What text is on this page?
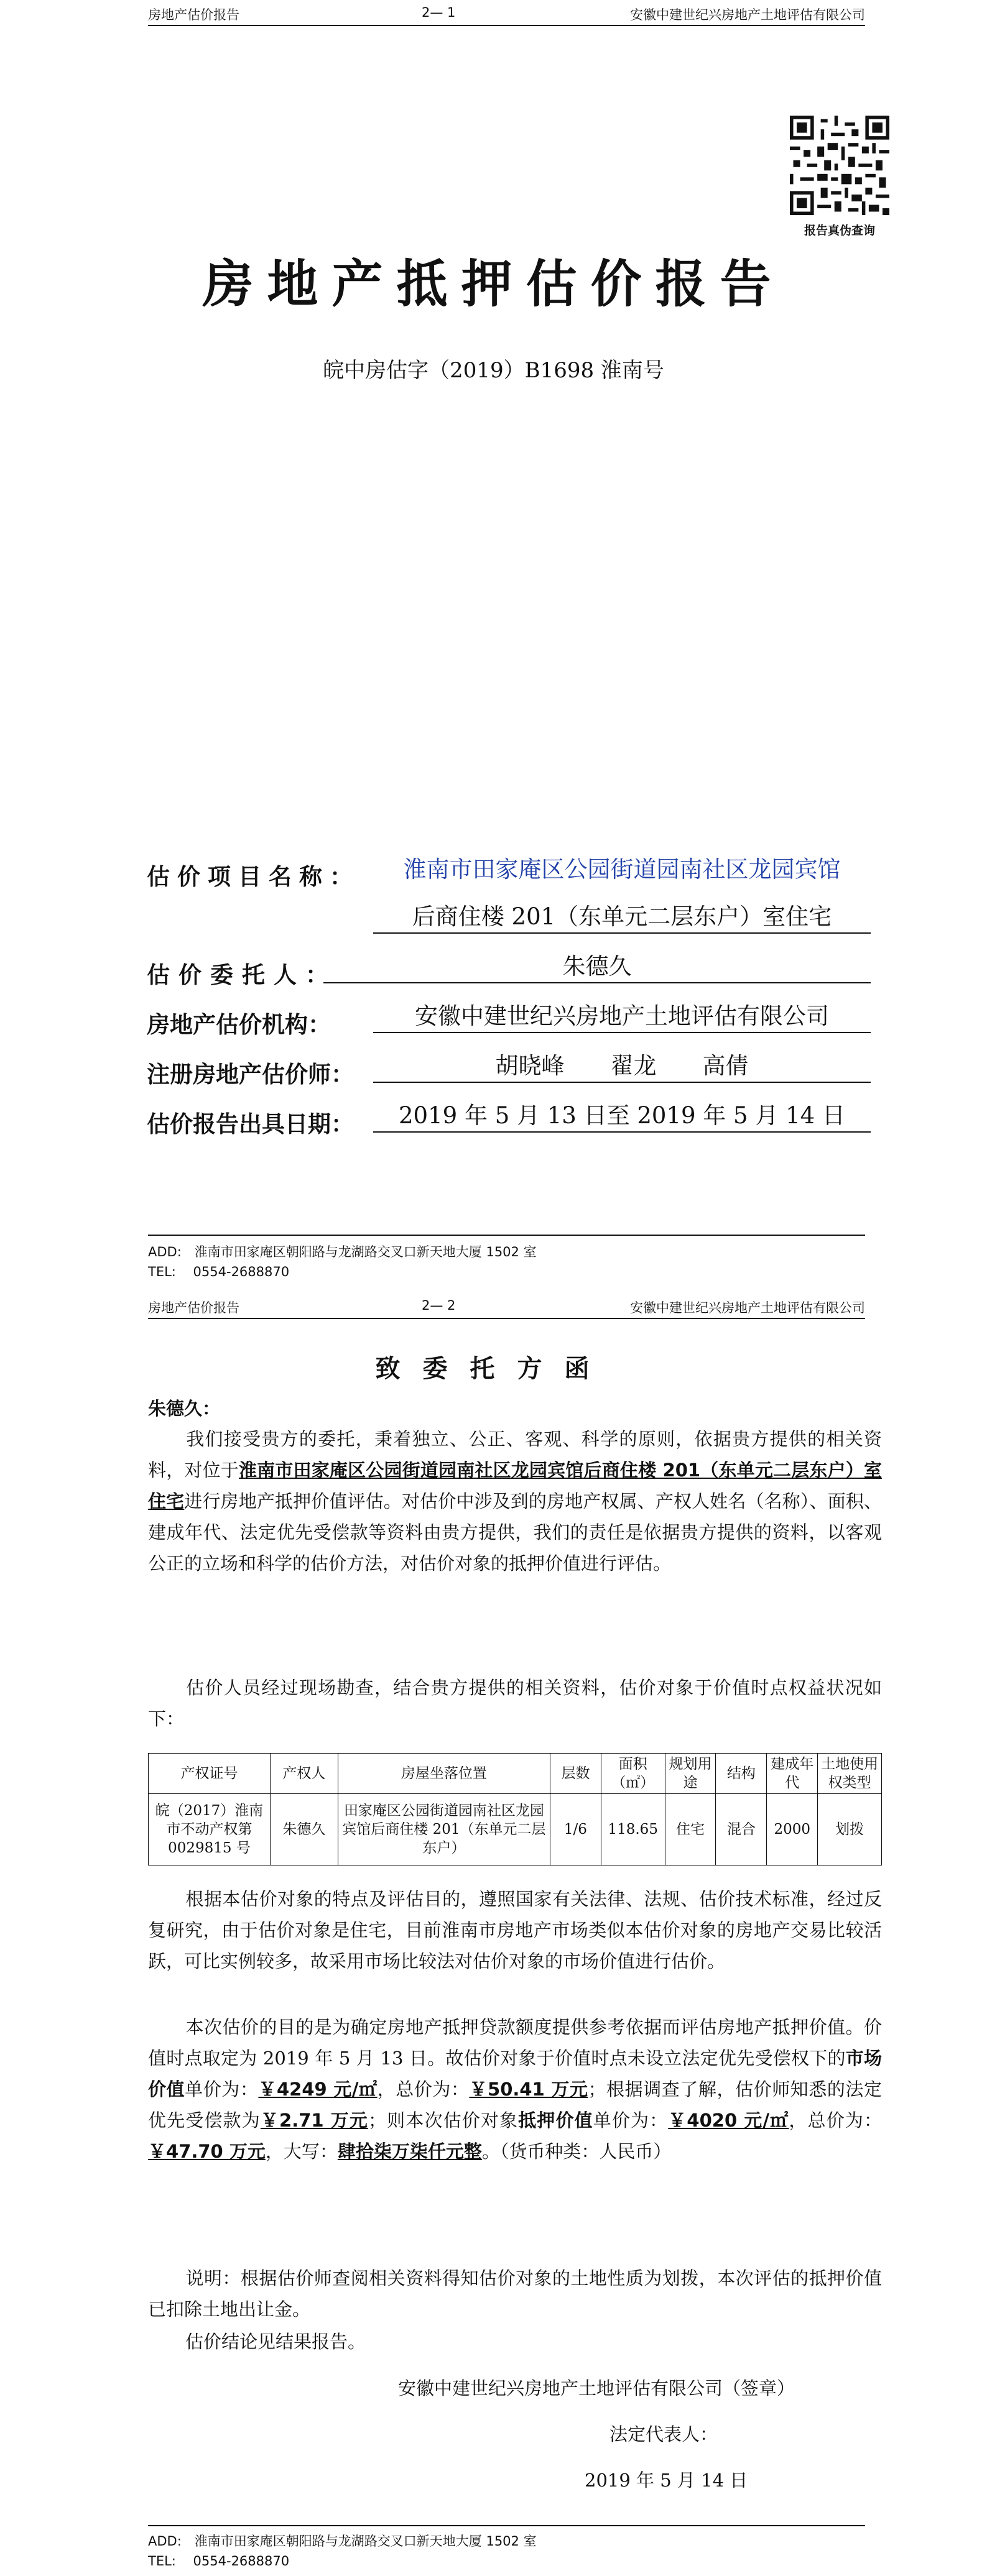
房地产估价报告	2— 1	安徽中建世纪兴房地产土地评估有限公司
报告真伪查询
房地产抵押估价报告
皖中房估字（2019）B1698 淮南号
估价项目名称：	淮南市田家庵区公园街道园南社区龙园宾馆
后商住楼 201（东单元二层东户）室住宅
估价委托人：	朱德久
房地产估价机构：	安徽中建世纪兴房地产土地评估有限公司
注册房地产估价师：	胡晓峰　　翟龙　　高倩
估价报告出具日期：	2019 年 5 月 13 日至 2019 年 5 月 14 日
ADD:　淮南市田家庵区朝阳路与龙湖路交叉口新天地大厦 1502 室
TEL:　 0554-2688870
房地产估价报告	2— 2	安徽中建世纪兴房地产土地评估有限公司
致委托方函
朱德久：
我们接受贵方的委托，秉着独立、公正、客观、科学的原则，依据贵方提供的相关资料，对位于淮南市田家庵区公园街道园南社区龙园宾馆后商住楼 201（东单元二层东户）室住宅进行房地产抵押价值评估。对估价中涉及到的房地产权属、产权人姓名（名称）、面积、建成年代、法定优先受偿款等资料由贵方提供，我们的责任是依据贵方提供的资料，以客观公正的立场和科学的估价方法，对估价对象的抵押价值进行评估。
估价人员经过现场勘查，结合贵方提供的相关资料，估价对象于价值时点权益状况如下：
产权证号	产权人	房屋坐落位置	层数	面积（㎡）	规划用途	结构	建成年代	土地使用权类型
皖（2017）淮南市不动产权第 0029815 号	朱德久	田家庵区公园街道园南社区龙园宾馆后商住楼 201（东单元二层东户）	1/6	118.65	住宅	混合	2000	划拨
根据本估价对象的特点及评估目的，遵照国家有关法律、法规、估价技术标准，经过反复研究，由于估价对象是住宅，目前淮南市房地产市场类似本估价对象的房地产交易比较活跃，可比实例较多，故采用市场比较法对估价对象的市场价值进行估价。
本次估价的目的是为确定房地产抵押贷款额度提供参考依据而评估房地产抵押价值。价值时点取定为 2019 年 5 月 13 日。故估价对象于价值时点未设立法定优先受偿权下的市场价值单价为：￥4249 元/㎡，总价为：￥50.41 万元；根据调查了解，估价师知悉的法定优先受偿款为￥2.71 万元；则本次估价对象抵押价值单价为：￥4020 元/㎡，总价为：￥47.70 万元，大写：肆拾柒万柒仟元整。（货币种类：人民币）
说明：根据估价师查阅相关资料得知估价对象的土地性质为划拨，本次评估的抵押价值已扣除土地出让金。
估价结论见结果报告。
安徽中建世纪兴房地产土地评估有限公司（签章）
法定代表人：
2019 年 5 月 14 日
ADD:　淮南市田家庵区朝阳路与龙湖路交叉口新天地大厦 1502 室
TEL:　 0554-2688870
